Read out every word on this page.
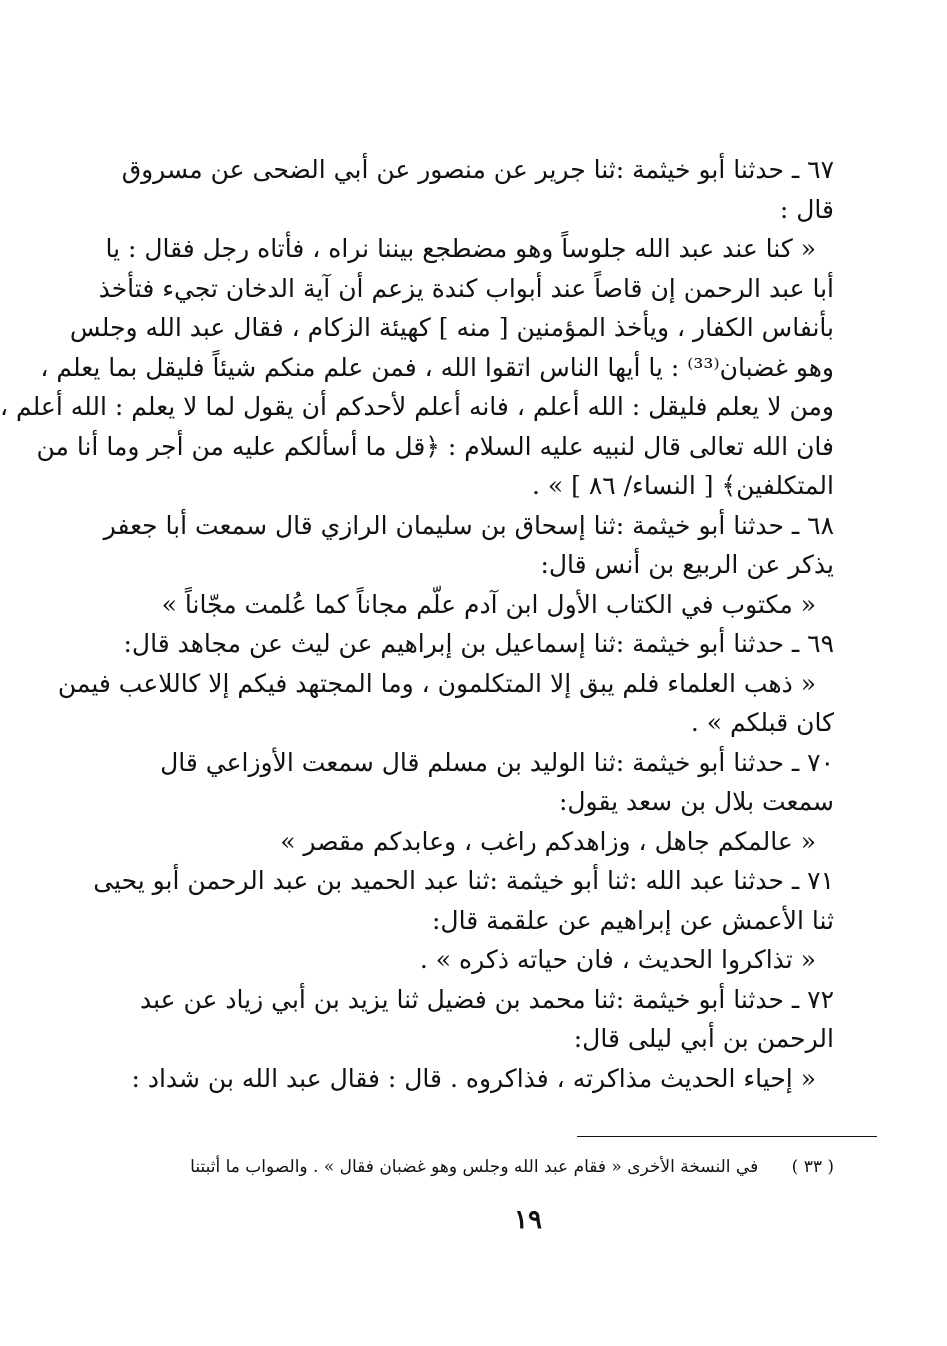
٦٧ ـ حدثنا أبو خيثمة :ثنا جرير عن منصور عن أبي الضحى عن مسروق
قال :
« كنا عند عبد الله جلوساً وهو مضطجع بيننا نراه ، فأتاه رجل فقال : يا
أبا عبد الرحمن إن قاصاً عند أبواب كندة يزعم أن آية الدخان تجيء فتأخذ
بأنفاس الكفار ، ويأخذ المؤمنين [ منه ] كهيئة الزكام ، فقال عبد الله وجلس
وهو غضبان⁽³³⁾ : يا أيها الناس اتقوا الله ، فمن علم منكم شيئاً فليقل بما يعلم ،
ومن لا يعلم فليقل : الله أعلم ، فانه أعلم لأحدكم أن يقول لما لا يعلم : الله أعلم ،
فان الله تعالى قال لنبيه عليه السلام : ﴿قل ما أسألكم عليه من أجر وما أنا من
المتكلفين﴾ [ النساء/ ٨٦ ] » .
٦٨ ـ حدثنا أبو خيثمة :ثنا إسحاق بن سليمان الرازي قال سمعت أبا جعفر
يذكر عن الربيع بن أنس قال:
« مكتوب في الكتاب الأول ابن آدم علّم مجاناً كما عُلمت مجّاناً »
٦٩ ـ حدثنا أبو خيثمة :ثنا إسماعيل بن إبراهيم عن ليث عن مجاهد قال:
« ذهب العلماء فلم يبق إلا المتكلمون ، وما المجتهد فيكم إلا كاللاعب فيمن
كان قبلكم » .
٧٠ ـ حدثنا أبو خيثمة :ثنا الوليد بن مسلم قال سمعت الأوزاعي قال
سمعت بلال بن سعد يقول:
« عالمكم جاهل ، وزاهدكم راغب ، وعابدكم مقصر »
٧١ ـ حدثنا عبد الله :ثنا أبو خيثمة :ثنا عبد الحميد بن عبد الرحمن أبو يحيى
ثنا الأعمش عن إبراهيم عن علقمة قال:
« تذاكروا الحديث ، فان حياته ذكره » .
٧٢ ـ حدثنا أبو خيثمة :ثنا محمد بن فضيل ثنا يزيد بن أبي زياد عن عبد
الرحمن بن أبي ليلى قال:
« إحياء الحديث مذاكرته ، فذاكروه . قال : فقال عبد الله بن شداد :
( ٣٣ ) في النسخة الأخرى « فقام عبد الله وجلس وهو غضبان فقال » . والصواب ما أثبتنا
١٩
